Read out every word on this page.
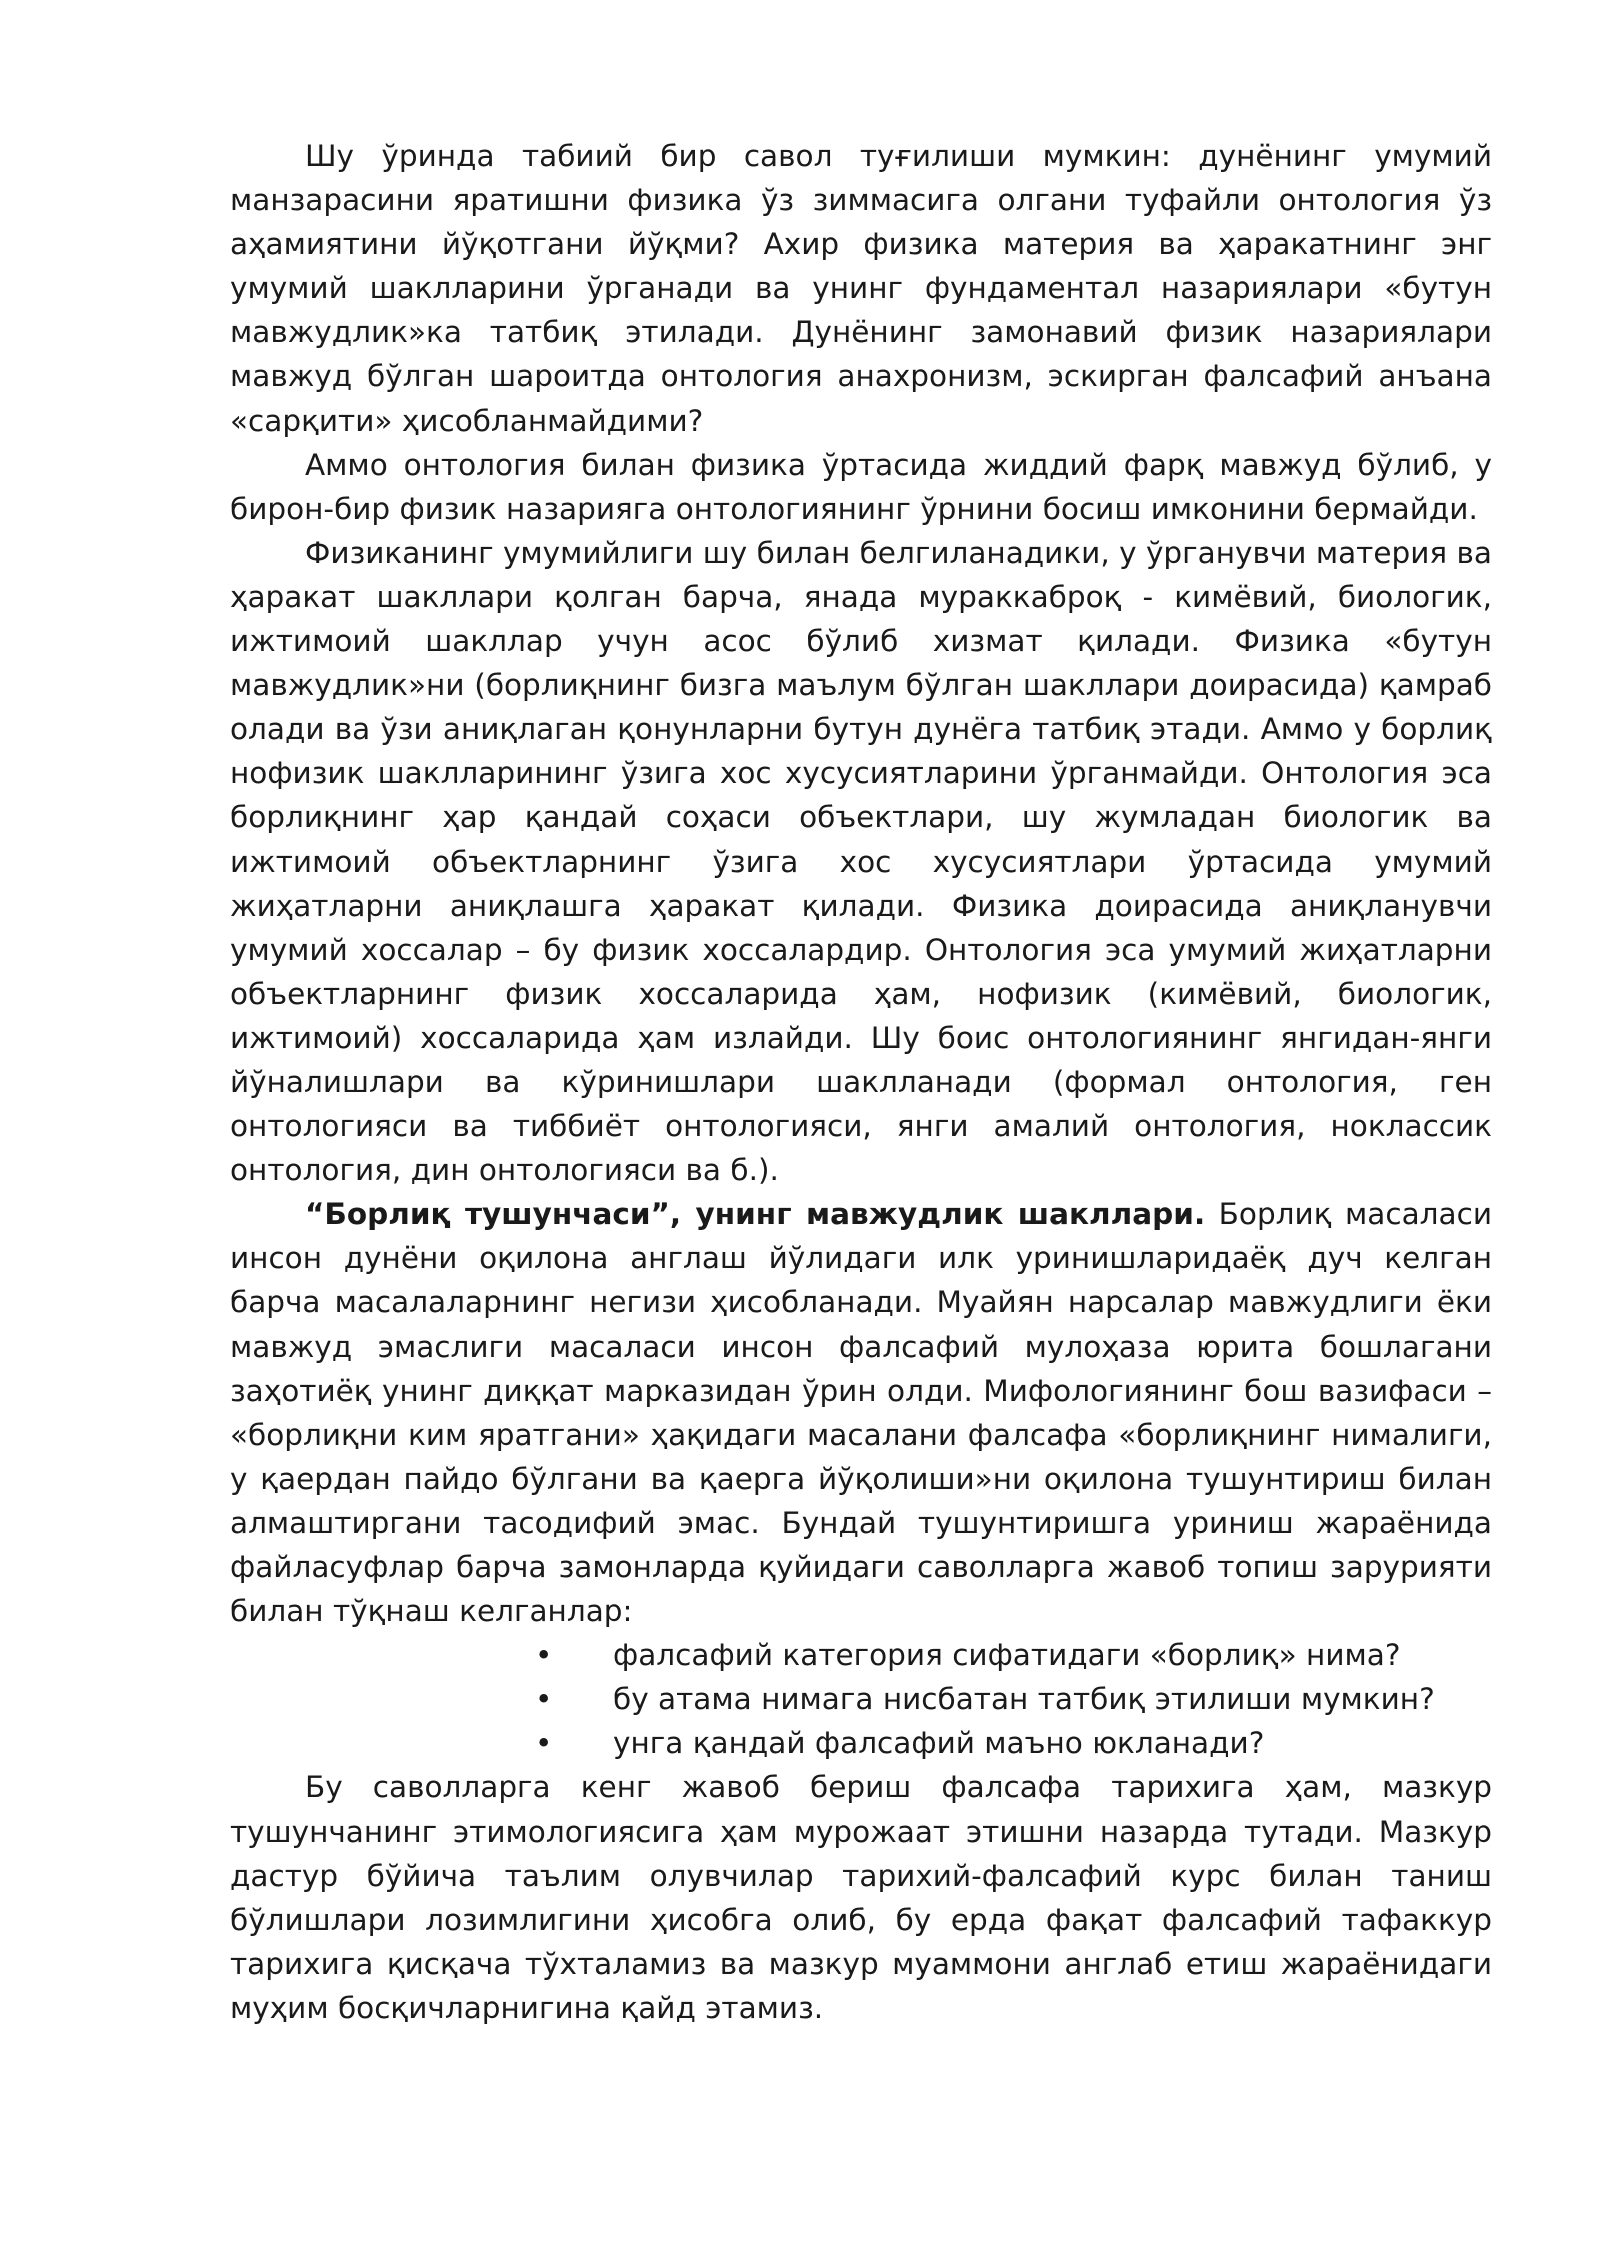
Шу ўринда табиий бир савол туғилиши мумкин: дунёнинг умумий манзарасини яратишни физика ўз зиммасига олгани туфайли онтология ўз аҳамиятини йўқотгани йўқми? Ахир физика материя ва ҳаракатнинг энг умумий шаклларини ўрганади ва унинг фундаментал назариялари «бутун мавжудлик»ка татбиқ этилади. Дунёнинг замонавий физик назариялари мавжуд бўлган шароитда онтология анахронизм, эскирган фалсафий анъана «сарқити» ҳисобланмайдими?

Аммо онтология билан физика ўртасида жиддий фарқ мавжуд бўлиб, у бирон-бир физик назарияга онтологиянинг ўрнини босиш имконини бермайди.

Физиканинг умумийлиги шу билан белгиланадики, у ўрганувчи материя ва ҳаракат шакллари қолган барча, янада мураккаброқ - кимёвий, биологик, ижтимоий шакллар учун асос бўлиб хизмат қилади. Физика «бутун мавжудлик»ни (борлиқнинг бизга маълум бўлган шакллари доирасида) қамраб олади ва ўзи аниқлаган қонунларни бутун дунёга татбиқ этади. Аммо у борлиқ нофизик шаклларининг ўзига хос хусусиятларини ўрганмайди. Онтология эса борлиқнинг ҳар қандай соҳаси объектлари, шу жумладан биологик ва ижтимоий объектларнинг ўзига хос хусусиятлари ўртасида умумий жиҳатларни аниқлашга ҳаракат қилади. Физика доирасида аниқланувчи умумий хоссалар – бу физик хоссалардир. Онтология эса умумий жиҳатларни объектларнинг физик хоссаларида ҳам, нофизик (кимёвий, биологик, ижтимоий) хоссаларида ҳам излайди. Шу боис онтологиянинг янгидан-янги йўналишлари ва кўринишлари шаклланади (формал онтология, ген онтологияси ва тиббиёт онтологияси, янги амалий онтология, ноклассик онтология, дин онтологияси ва б.).

“Борлиқ тушунчаси”, унинг мавжудлик шакллари. Борлиқ масаласи инсон дунёни оқилона англаш йўлидаги илк уринишларидаёқ дуч келган барча масалаларнинг негизи ҳисобланади. Муайян нарсалар мавжудлиги ёки мавжуд эмаслиги масаласи инсон фалсафий мулоҳаза юрита бошлагани заҳотиёқ унинг диққат марказидан ўрин олди. Мифологиянинг бош вазифаси – «борлиқни ким яратгани» ҳақидаги масалани фалсафа «борлиқнинг нималиги, у қаердан пайдо бўлгани ва қаерга йўқолиши»ни оқилона тушунтириш билан алмаштиргани тасодифий эмас. Бундай тушунтиришга уриниш жараёнида файласуфлар барча замонларда қуйидаги саволларга жавоб топиш зарурияти билан тўқнаш келганлар:

• фалсафий категория сифатидаги «борлиқ» нима?
• бу атама нимага нисбатан татбиқ этилиши мумкин?
• унга қандай фалсафий маъно юкланади?

Бу саволларга кенг жавоб бериш фалсафа тарихига ҳам, мазкур тушунчанинг этимологиясига ҳам мурожаат этишни назарда тутади. Мазкур дастур бўйича таълим олувчилар тарихий-фалсафий курс билан таниш бўлишлари лозимлигини ҳисобга олиб, бу ерда фақат фалсафий тафаккур тарихига қисқача тўхталамиз ва мазкур муаммони англаб етиш жараёнидаги муҳим босқичларнигина қайд этамиз.
